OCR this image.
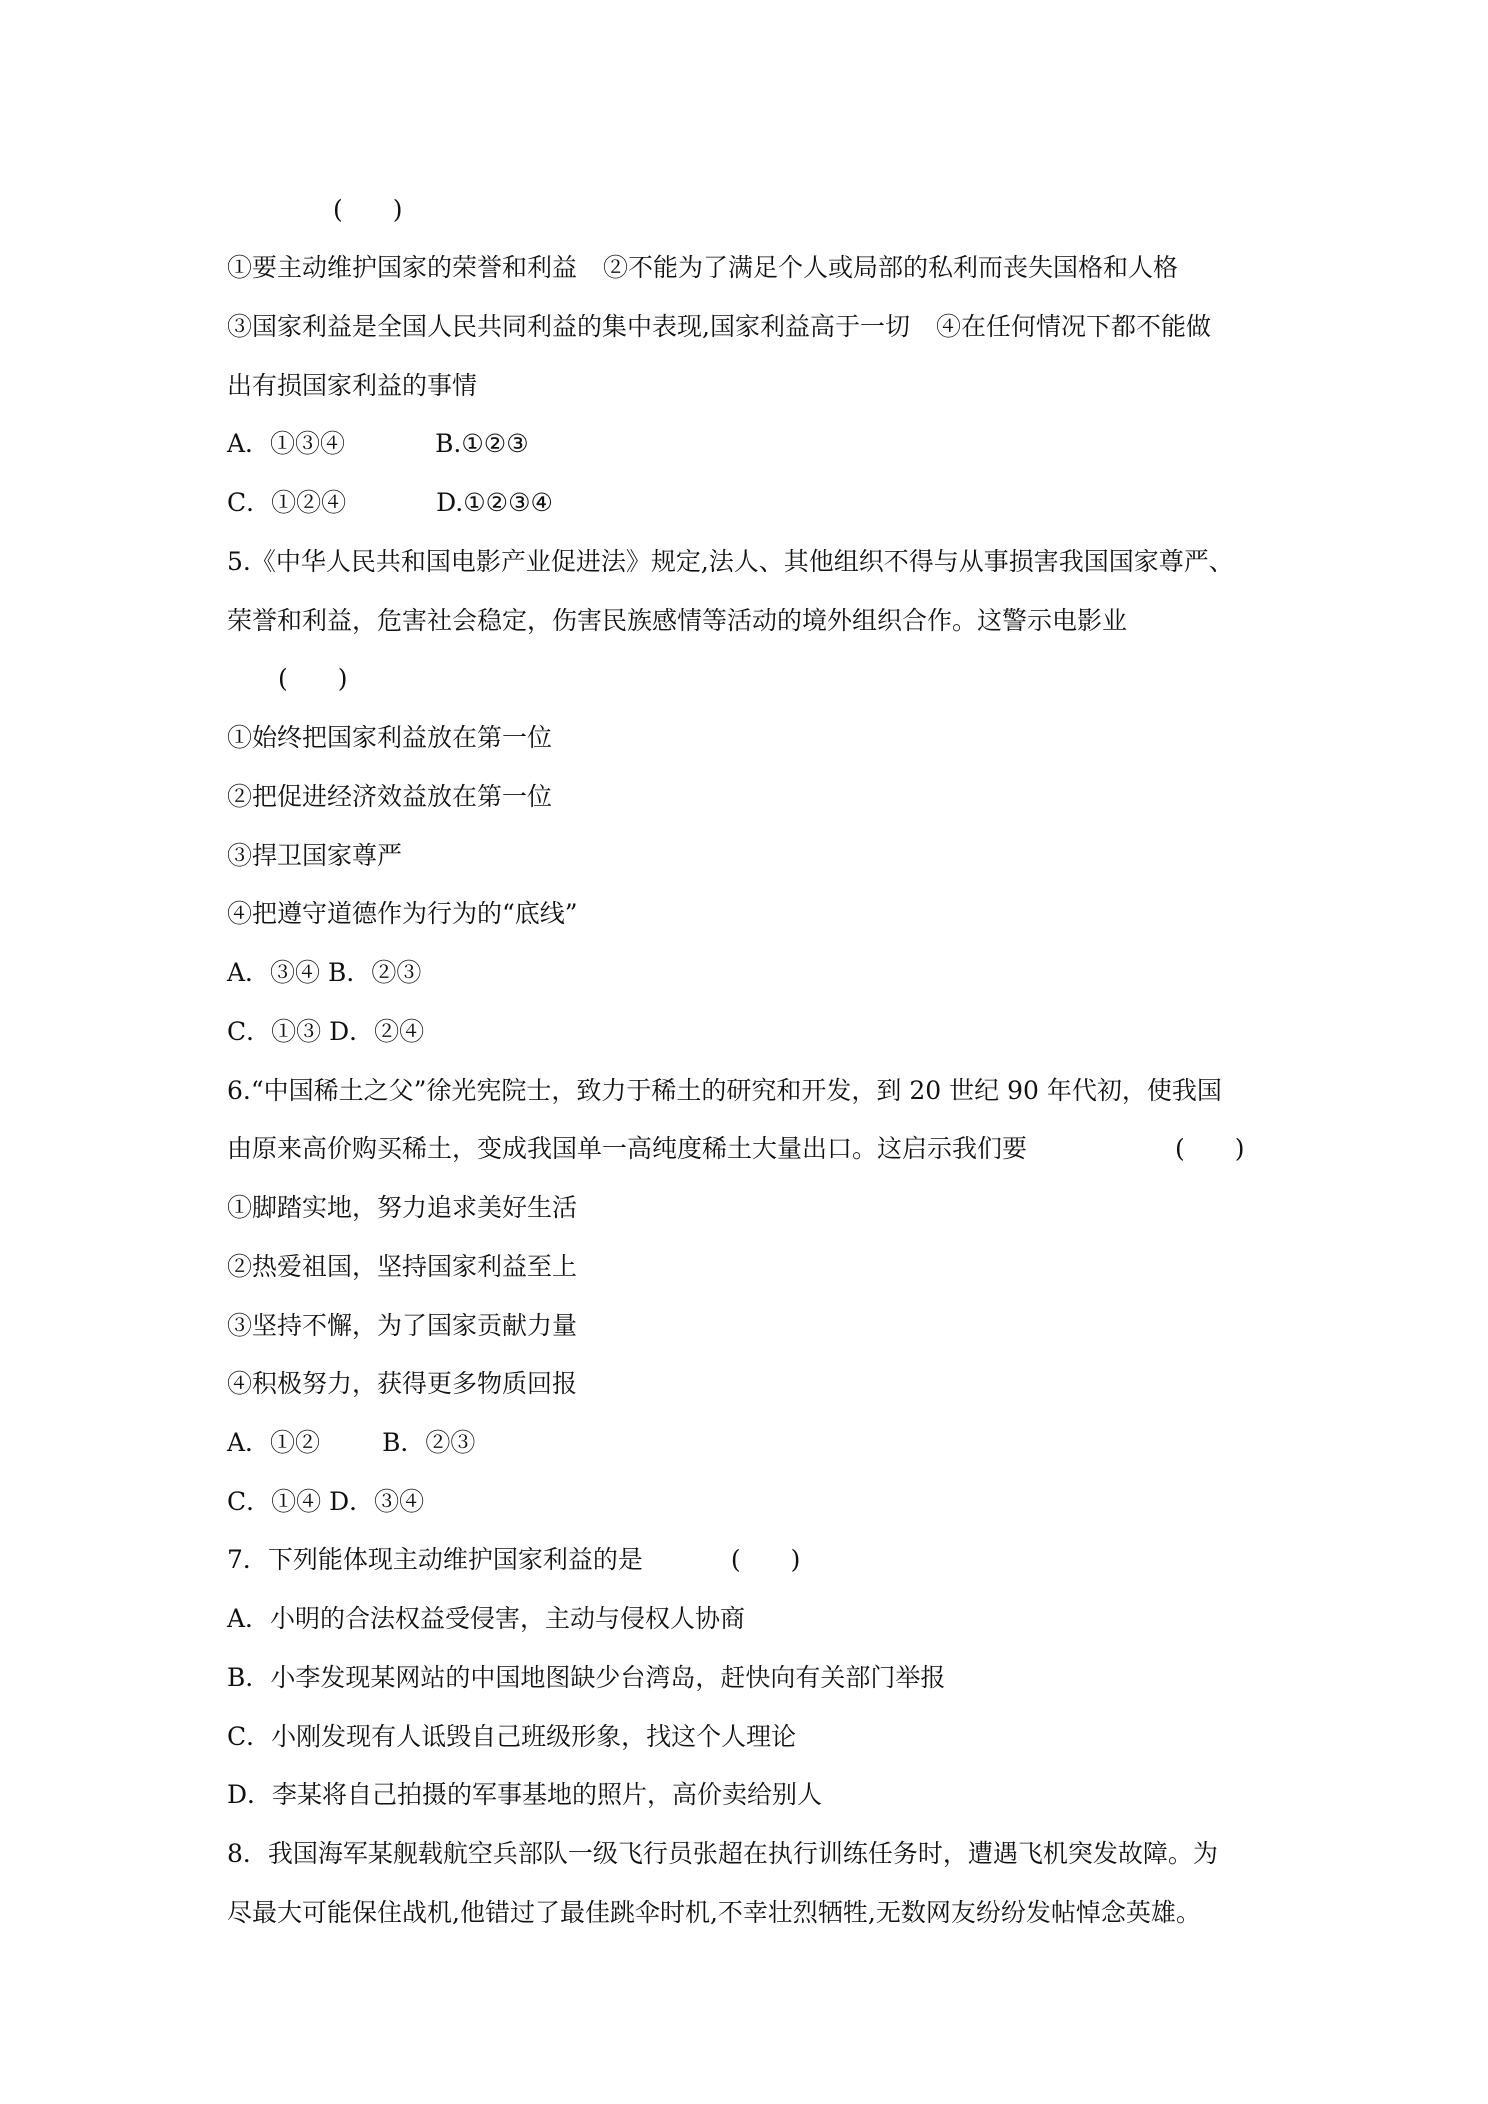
(　　)
①要主动维护国家的荣誉和利益 ②不能为了满足个人或局部的私利而丧失国格和人格
③国家利益是全国人民共同利益的集中表现,国家利益高于一切 ④在任何情况下都不能做
出有损国家利益的事情
A．①③④	B.①②③
C．①②④	D.①②③④
5.《中华人民共和国电影产业促进法》规定,法人、其他组织不得与从事损害我国国家尊严、
荣誉和利益，危害社会稳定，伤害民族感情等活动的境外组织合作。这警示电影业
(　　)
①始终把国家利益放在第一位
②把促进经济效益放在第一位
③捍卫国家尊严
④把遵守道德作为行为的“底线”
A．③④ B．②③
C．①③ D．②④
6.“中国稀土之父”徐光宪院士，致力于稀土的研究和开发，到 20 世纪 90 年代初，使我国
由原来高价购买稀土，变成我国单一高纯度稀土大量出口。这启示我们要	(　　)
①脚踏实地，努力追求美好生活
②热爱祖国，坚持国家利益至上
③坚持不懈，为了国家贡献力量
④积极努力，获得更多物质回报
A．①② B．②③
C．①④ D．③④
7．下列能体现主动维护国家利益的是	(　　)
A．小明的合法权益受侵害，主动与侵权人协商
B．小李发现某网站的中国地图缺少台湾岛，赶快向有关部门举报
C．小刚发现有人诋毁自己班级形象，找这个人理论
D．李某将自己拍摄的军事基地的照片，高价卖给别人
8．我国海军某舰载航空兵部队一级飞行员张超在执行训练任务时，遭遇飞机突发故障。为
尽最大可能保住战机,他错过了最佳跳伞时机,不幸壮烈牺牲,无数网友纷纷发帖悼念英雄。
